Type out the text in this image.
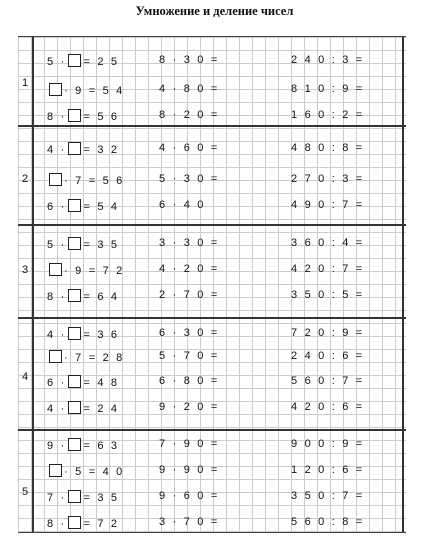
Умножение и деление чисел
1
5 · = 2 5	8 · 3 0 =	2 4 0 : 3 =
· 9 = 5 4	4 · 8 0 =	8 1 0 : 9 =
8 · = 5 6	8 · 2 0 =	1 6 0 : 2 =
2
4 · = 3 2	4 · 6 0 =	4 8 0 : 8 =
· 7 = 5 6	5 · 3 0 =	2 7 0 : 3 =
6 · = 5 4	6 · 4 0	4 9 0 : 7 =
3
5 · = 3 5	3 · 3 0 =	3 6 0 : 4 =
· 9 = 7 2	4 · 2 0 =	4 2 0 : 7 =
8 · = 6 4	2 · 7 0 =	3 5 0 : 5 =
4
4 · = 3 6	6 · 3 0 =	7 2 0 : 9 =
· 7 = 2 8	5 · 7 0 =	2 4 0 : 6 =
6 · = 4 8	6 · 8 0 =	5 6 0 : 7 =
4 · = 2 4	9 · 2 0 =	4 2 0 : 6 =
5
9 · = 6 3	7 · 9 0 =	9 0 0 : 9 =
· 5 = 4 0	9 · 9 0 =	1 2 0 : 6 =
7 · = 3 5	9 · 6 0 =	3 5 0 : 7 =
8 · = 7 2	3 · 7 0 =	5 6 0 : 8 =
